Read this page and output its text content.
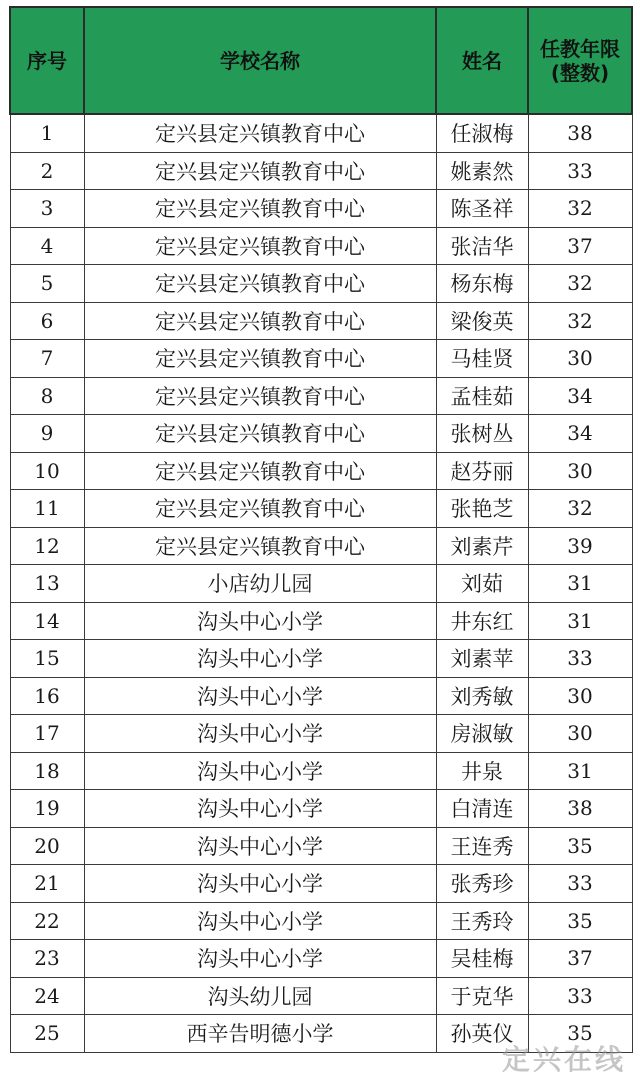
序号	学校名称	姓名	任教年限
(整数)

1	定兴县定兴镇教育中心	任淑梅	38
2	定兴县定兴镇教育中心	姚素然	33
3	定兴县定兴镇教育中心	陈圣祥	32
4	定兴县定兴镇教育中心	张洁华	37
5	定兴县定兴镇教育中心	杨东梅	32
6	定兴县定兴镇教育中心	梁俊英	32
7	定兴县定兴镇教育中心	马桂贤	30
8	定兴县定兴镇教育中心	孟桂茹	34
9	定兴县定兴镇教育中心	张树丛	34
10	定兴县定兴镇教育中心	赵芬丽	30
11	定兴县定兴镇教育中心	张艳芝	32
12	定兴县定兴镇教育中心	刘素芹	39
13	小店幼儿园	刘茹	31
14	沟头中心小学	井东红	31
15	沟头中心小学	刘素苹	33
16	沟头中心小学	刘秀敏	30
17	沟头中心小学	房淑敏	30
18	沟头中心小学	井泉	31
19	沟头中心小学	白清连	38
20	沟头中心小学	王连秀	35
21	沟头中心小学	张秀珍	33
22	沟头中心小学	王秀玲	35
23	沟头中心小学	吴桂梅	37
24	沟头幼儿园	于克华	33
25	西辛告明德小学	孙英仪	35
定兴在线
